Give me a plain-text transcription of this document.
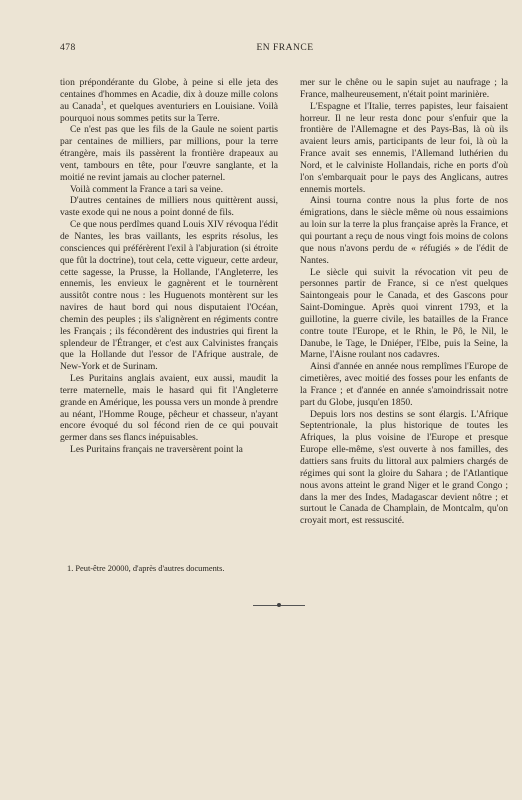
478	EN FRANCE

tion prépondérante du Globe, à peine si elle jeta des centaines d'hommes en Acadie, dix à douze mille colons au Canada$^1$, et quelques aventuriers en Louisiane. Voilà pourquoi nous sommes petits sur la Terre.

Ce n'est pas que les fils de la Gaule ne soient partis par centaines de milliers, par millions, pour la terre étrangère, mais ils passèrent la frontière drapeaux au vent, tambours en tête, pour l'œuvre sanglante, et la moitié ne revint jamais au clocher paternel.

Voilà comment la France a tari sa veine.

D'autres centaines de milliers nous quittèrent aussi, vaste exode qui ne nous a point donné de fils.

Ce que nous perdîmes quand Louis XIV révoqua l'édit de Nantes, les bras vaillants, les esprits résolus, les consciences qui préférèrent l'exil à l'abjuration (si étroite que fût la doctrine), tout cela, cette vigueur, cette ardeur, cette sagesse, la Prusse, la Hollande, l'Angleterre, les ennemis, les envieux le gagnèrent et le tournèrent aussitôt contre nous : les Huguenots montèrent sur les navires de haut bord qui nous disputaient l'Océan, chemin des peuples ; ils s'alignèrent en régiments contre les Français ; ils fécondèrent des industries qui firent la splendeur de l'Étranger, et c'est aux Calvinistes français que la Hollande dut l'essor de l'Afrique australe, de New-York et de Surinam.

Les Puritains anglais avaient, eux aussi, maudit la terre maternelle, mais le hasard qui fit l'Angleterre grande en Amérique, les poussa vers un monde à prendre au néant, l'Homme Rouge, pêcheur et chasseur, n'ayant encore évoqué du sol fécond rien de ce qui pouvait germer dans ses flancs inépuisables.

Les Puritains français ne traversèrent point la

1. Peut-être 20000, d'après d'autres documents.

mer sur le chêne ou le sapin sujet au naufrage ; la France, malheureusement, n'était point marinière.

L'Espagne et l'Italie, terres papistes, leur faisaient horreur. Il ne leur resta donc pour s'enfuir que la frontière de l'Allemagne et des Pays-Bas, là où ils avaient leurs amis, participants de leur foi, là où la France avait ses ennemis, l'Allemand luthérien du Nord, et le calviniste Hollandais, riche en ports d'où l'on s'embarquait pour le pays des Anglicans, autres ennemis mortels.

Ainsi tourna contre nous la plus forte de nos émigrations, dans le siècle même où nous essaimions au loin sur la terre la plus française après la France, et qui pourtant a reçu de nous vingt fois moins de colons que nous n'avons perdu de « réfugiés » de l'édit de Nantes.

Le siècle qui suivit la révocation vit peu de personnes partir de France, si ce n'est quelques Saintongeais pour le Canada, et des Gascons pour Saint-Domingue. Après quoi vinrent 1793, et la guillotine, la guerre civile, les batailles de la France contre toute l'Europe, et le Rhin, le Pô, le Nil, le Danube, le Tage, le Dniéper, l'Elbe, puis la Seine, la Marne, l'Aisne roulant nos cadavres.

Ainsi d'année en année nous remplîmes l'Europe de cimetières, avec moitié des fosses pour les enfants de la France ; et d'année en année s'amoindrissait notre part du Globe, jusqu'en 1850.

Depuis lors nos destins se sont élargis. L'Afrique Septentrionale, la plus historique de toutes les Afriques, la plus voisine de l'Europe et presque Europe elle-même, s'est ouverte à nos familles, des dattiers sans fruits du littoral aux palmiers chargés de régimes qui sont la gloire du Sahara ; de l'Atlantique nous avons atteint le grand Niger et le grand Congo ; dans la mer des Indes, Madagascar devient nôtre ; et surtout le Canada de Champlain, de Montcalm, qu'on croyait mort, est ressuscité.
